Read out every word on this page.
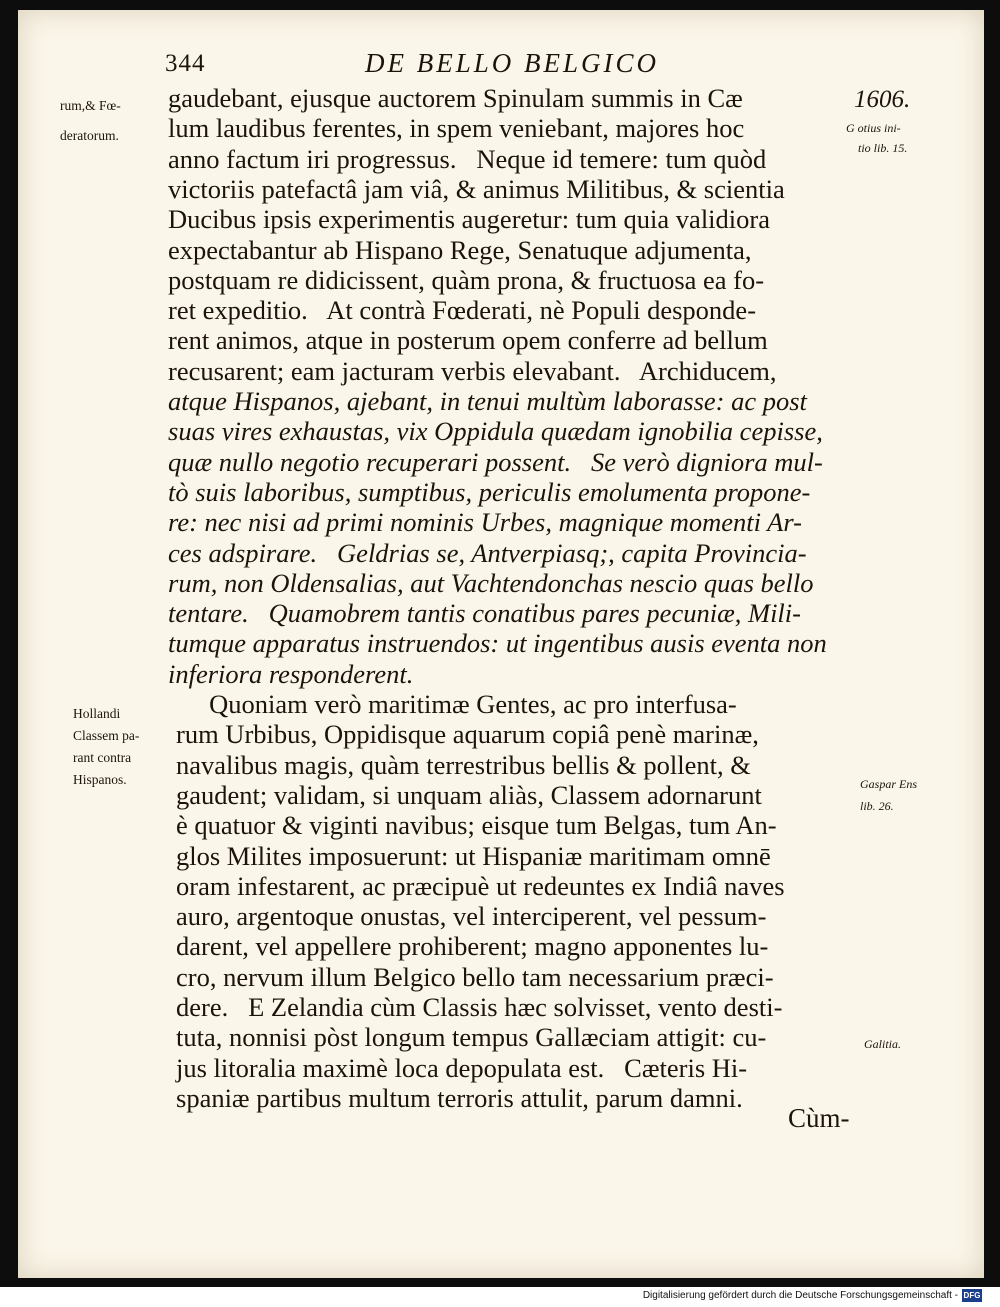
344	DE BELLO BELGICO
1606.
rum,& Fœ-
deratorum.
Hollandi
Classem pa-
rant contra
Hispanos.
G otius ini-
tio lib. 15.
Gaspar Ens
lib. 26.
Galitia.
gaudebant, ejusque auctorem Spinulam summis in Cæ
lum laudibus ferentes, in spem veniebant, majores hoc
anno factum iri progressus.   Neque id temere: tum quòd
victoriis patefactâ jam viâ, & animus Militibus, & scientia
Ducibus ipsis experimentis augeretur: tum quia validiora
expectabantur ab Hispano Rege, Senatuque adjumenta,
postquam re didicissent, quàm prona, & fructuosa ea fo-
ret expeditio.   At contrà Fœderati, nè Populi desponde-
rent animos, atque in posterum opem conferre ad bellum
recusarent; eam jacturam verbis elevabant.   Archiducem,
atque Hispanos, ajebant, in tenui multùm laborasse: ac post
suas vires exhaustas, vix Oppidula quædam ignobilia cepisse,
quæ nullo negotio recuperari possent.   Se verò digniora mul-
tò suis laboribus, sumptibus, periculis emolumenta propone-
re: nec nisi ad primi nominis Urbes, magnique momenti Ar-
ces adspirare.   Geldrias se, Antverpiasq;, capita Provincia-
rum, non Oldensalias, aut Vachtendonchas nescio quas bello
tentare.   Quamobrem tantis conatibus pares pecuniæ, Mili-
tumque apparatus instruendos: ut ingentibus ausis eventa non
inferiora responderent.
Quoniam verò maritimæ Gentes, ac pro interfusa-
rum Urbibus, Oppidisque aquarum copiâ penè marinæ,
navalibus magis, quàm terrestribus bellis & pollent, &
gaudent; validam, si unquam aliàs, Classem adornarunt
è quatuor & viginti navibus; eisque tum Belgas, tum An-
glos Milites imposuerunt: ut Hispaniæ maritimam omnē
oram infestarent, ac præcipuè ut redeuntes ex Indiâ naves
auro, argentoque onustas, vel interciperent, vel pessum-
darent, vel appellere prohiberent; magno apponentes lu-
cro, nervum illum Belgico bello tam necessarium præci-
dere.   E Zelandia cùm Classis hæc solvisset, vento desti-
tuta, nonnisi pòst longum tempus Gallæciam attigit: cu-
jus litoralia maximè loca depopulata est.   Cæteris Hi-
spaniæ partibus multum terroris attulit, parum damni.
Cùm-
Digitalisierung gefördert durch die Deutsche Forschungsgemeinschaft - DFG
